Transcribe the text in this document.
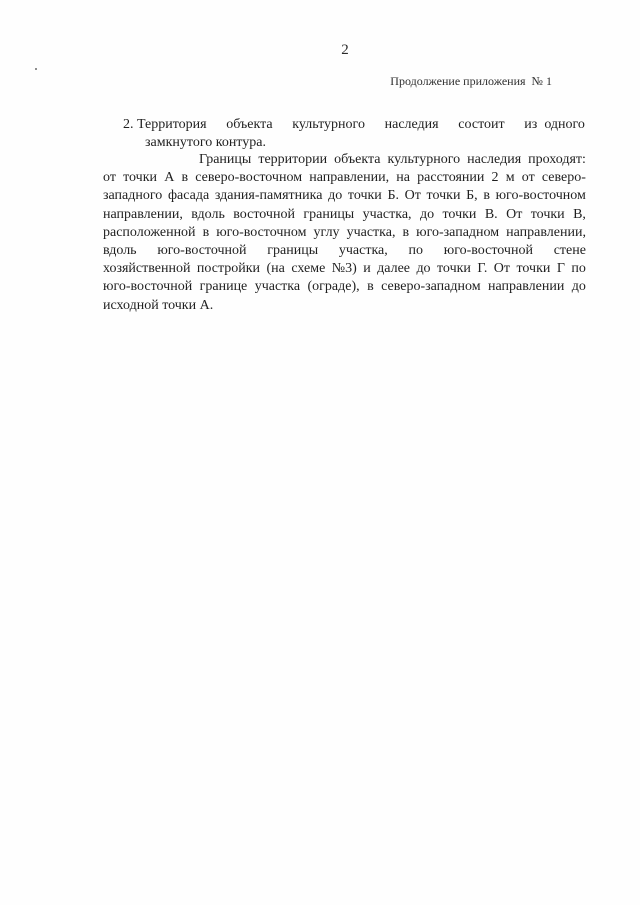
2
Продолжение приложения  № 1
2. Территория объекта культурного наследия состоит из одного
замкнутого контура.
Границы территории объекта культурного наследия проходят:
от точки А в северо-восточном направлении, на расстоянии 2 м от северо-
западного фасада здания-памятника до точки Б. От точки Б, в юго-восточном
направлении, вдоль восточной границы участка, до точки В. От точки В,
расположенной в юго-восточном углу участка, в юго-западном направлении,
вдоль юго-восточной границы участка, по юго-восточной стене
хозяйственной постройки (на схеме №3) и далее до точки Г. От точки Г по
юго-восточной границе участка (ограде), в северо-западном направлении до
исходной точки А.
